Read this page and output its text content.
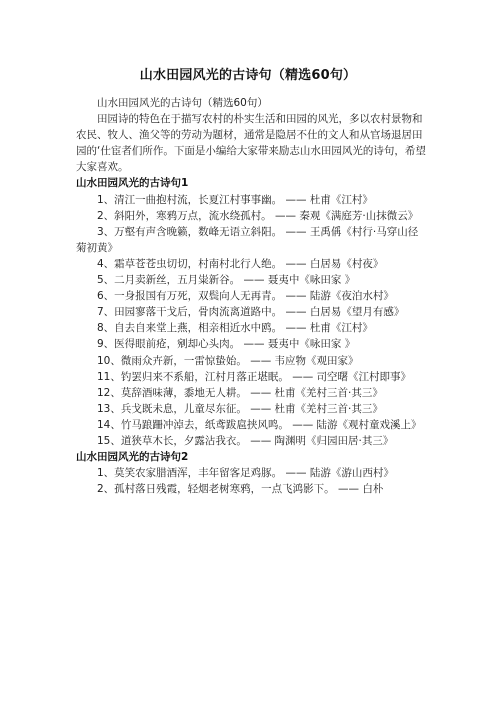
山水田园风光的古诗句（精选60句）

山水田园风光的古诗句（精选60句）

田园诗的特色在于描写农村的朴实生活和田园的风光，多以农村景物和农民、牧人、渔父等的劳动为题材，通常是隐居不仕的文人和从官场退居田园的‘仕宦者们所作。下面是小编给大家带来励志山水田园风光的诗句，希望大家喜欢。

山水田园风光的古诗句1

1、清江一曲抱村流，长夏江村事事幽。 —— 杜甫《江村》

2、斜阳外，寒鸦万点，流水绕孤村。 —— 秦观《满庭芳·山抹微云》

3、万壑有声含晚籁，数峰无语立斜阳。 —— 王禹偁《村行·马穿山径菊初黄》

4、霜草苍苍虫切切，村南村北行人绝。 —— 白居易《村夜》

5、二月卖新丝，五月粜新谷。 —— 聂夷中《咏田家 》

6、一身报国有万死，双鬓向人无再青。 —— 陆游《夜泊水村》

7、田园寥落干戈后，骨肉流离道路中。 —— 白居易《望月有感》

8、自去自来堂上燕，相亲相近水中鸥。 —— 杜甫《江村》

9、医得眼前疮，剜却心头肉。 —— 聂夷中《咏田家 》

10、微雨众卉新，一雷惊蛰始。 —— 韦应物《观田家》

11、钓罢归来不系船，江村月落正堪眠。 —— 司空曙《江村即事》

12、莫辞酒味薄，黍地无人耕。 —— 杜甫《羌村三首·其三》

13、兵戈既未息，儿童尽东征。 —— 杜甫《羌村三首·其三》

14、竹马踉跚冲淖去，纸鸢跋扈挟风鸣。 —— 陆游《观村童戏溪上》

15、道狭草木长，夕露沾我衣。 —— 陶渊明《归园田居·其三》

山水田园风光的古诗句2

1、莫笑农家腊酒浑，丰年留客足鸡豚。 —— 陆游《游山西村》

2、孤村落日残霞，轻烟老树寒鸦，一点飞鸿影下。 —— 白朴
